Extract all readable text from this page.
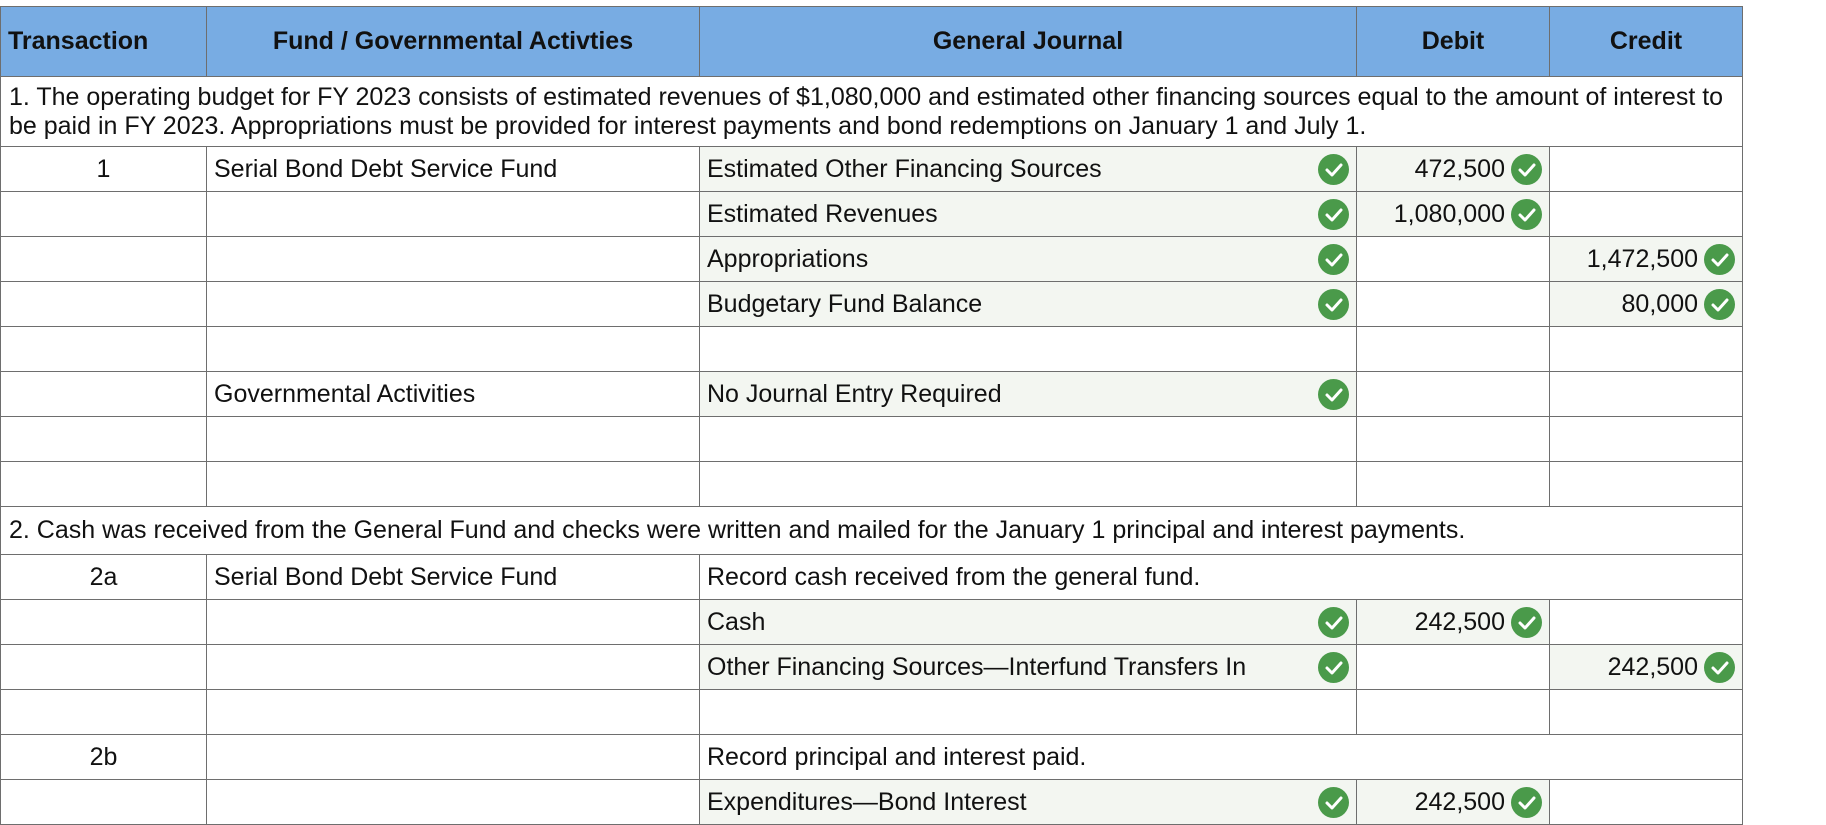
Transaction	Fund / Governmental Activties	General Journal	Debit	Credit
1. The operating budget for FY 2023 consists of estimated revenues of $1,080,000 and estimated other financing sources equal to the amount of interest to be paid in FY 2023. Appropriations must be provided for interest payments and bond redemptions on January 1 and July 1.				
1	Serial Bond Debt Service Fund	Estimated Other Financing Sources	472,500	

		Estimated Revenues	1,080,000	

		Appropriations		1,472,500

		Budgetary Fund Balance		80,000

	Governmental Activities	No Journal Entry Required		

2. Cash was received from the General Fund and checks were written and mailed for the January 1 principal and interest payments.				
2a	Serial Bond Debt Service Fund	Record cash received from the general fund.		

		Cash	242,500	

		Other Financing Sources—Interfund Transfers In		242,500

2b		Record principal and interest paid.		

		Expenditures—Bond Interest	242,500	
